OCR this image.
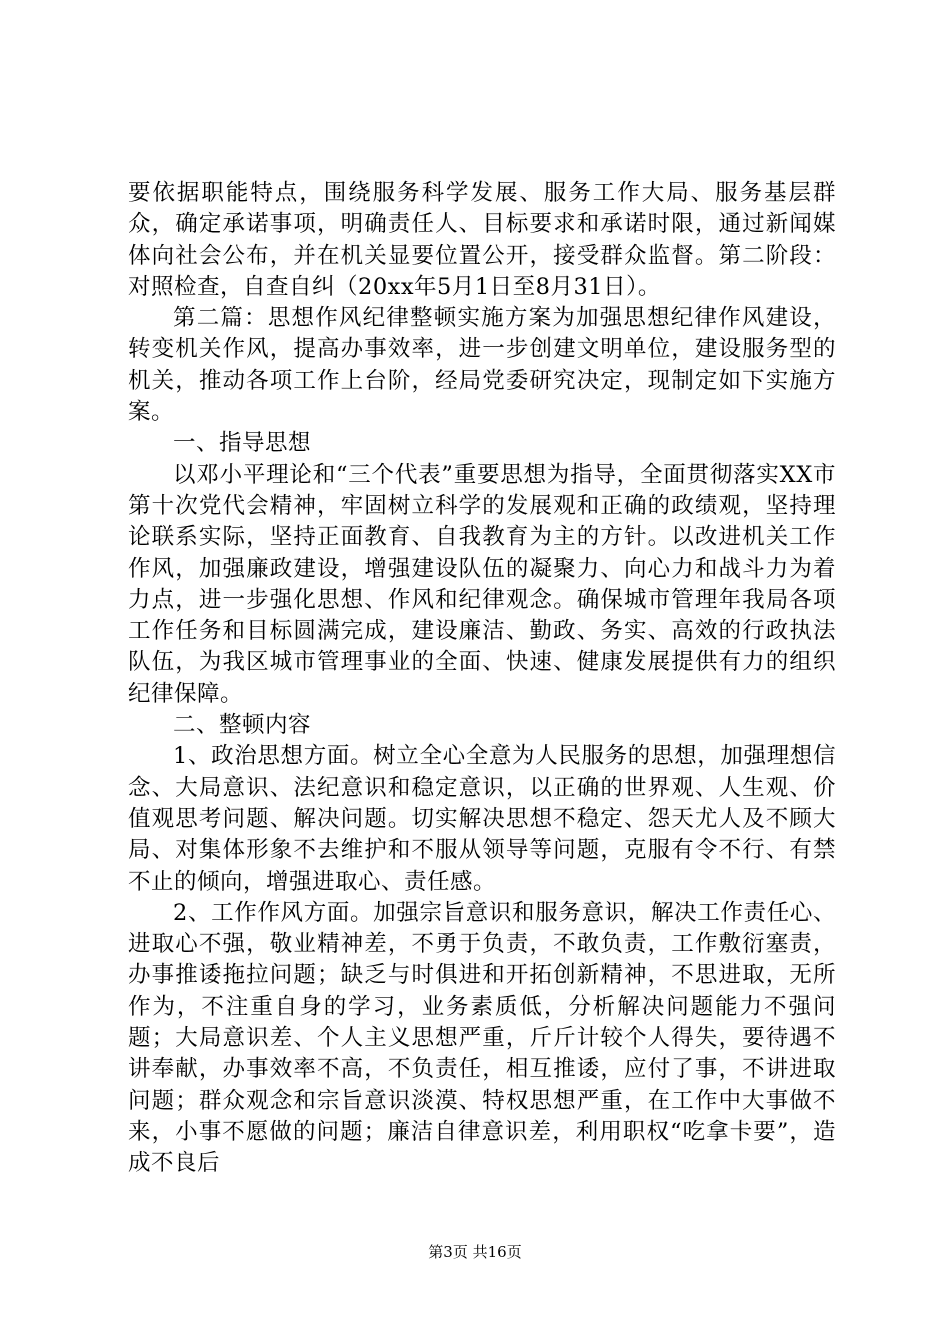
要依据职能特点，围绕服务科学发展、服务工作大局、服务基层群众，确定承诺事项，明确责任人、目标要求和承诺时限，通过新闻媒体向社会公布，并在机关显要位置公开，接受群众监督。第二阶段：对照检查，自查自纠（20xx年5月1日至8月31日）。

第二篇：思想作风纪律整顿实施方案为加强思想纪律作风建设，转变机关作风，提高办事效率，进一步创建文明单位，建设服务型的机关，推动各项工作上台阶，经局党委研究决定，现制定如下实施方案。

一、指导思想

以邓小平理论和“三个代表”重要思想为指导，全面贯彻落实XX市第十次党代会精神，牢固树立科学的发展观和正确的政绩观，坚持理论联系实际，坚持正面教育、自我教育为主的方针。以改进机关工作作风，加强廉政建设，增强建设队伍的凝聚力、向心力和战斗力为着力点，进一步强化思想、作风和纪律观念。确保城市管理年我局各项工作任务和目标圆满完成，建设廉洁、勤政、务实、高效的行政执法队伍，为我区城市管理事业的全面、快速、健康发展提供有力的组织纪律保障。

二、整顿内容

1、政治思想方面。树立全心全意为人民服务的思想，加强理想信念、大局意识、法纪意识和稳定意识，以正确的世界观、人生观、价值观思考问题、解决问题。切实解决思想不稳定、怨天尤人及不顾大局、对集体形象不去维护和不服从领导等问题，克服有令不行、有禁不止的倾向，增强进取心、责任感。

2、工作作风方面。加强宗旨意识和服务意识，解决工作责任心、进取心不强，敬业精神差，不勇于负责，不敢负责，工作敷衍塞责，办事推诿拖拉问题；缺乏与时俱进和开拓创新精神，不思进取，无所作为，不注重自身的学习，业务素质低，分析解决问题能力不强问题；大局意识差、个人主义思想严重，斤斤计较个人得失，要待遇不讲奉献，办事效率不高，不负责任，相互推诿，应付了事，不讲进取问题；群众观念和宗旨意识淡漠、特权思想严重，在工作中大事做不来，小事不愿做的问题；廉洁自律意识差，利用职权“吃拿卡要”，造成不良后

第3页 共16页
